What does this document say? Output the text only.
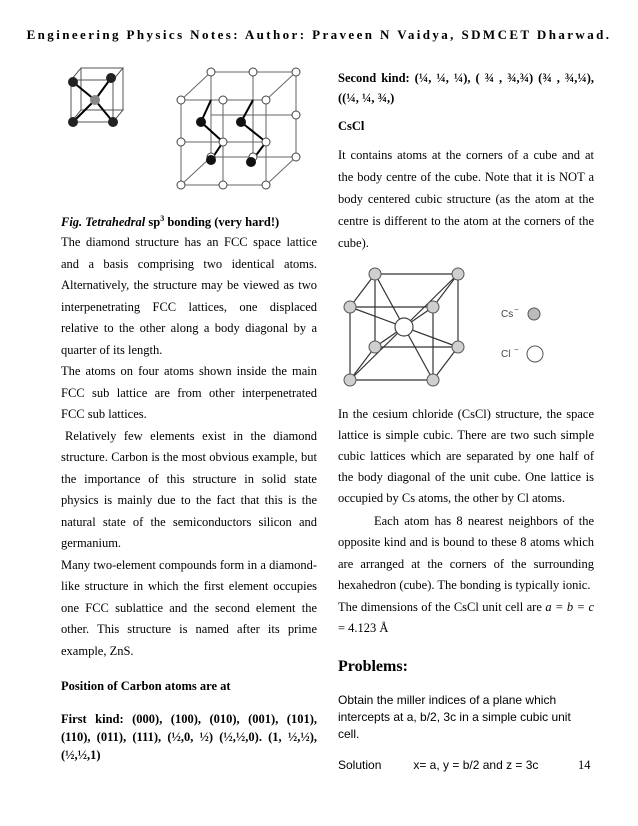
Engineering Physics Notes: Author: Praveen N Vaidya, SDMCET Dharwad.
Fig. Tetrahedral $sp^3$ bonding (very hard!)

The diamond structure has an FCC space lattice and a basis comprising two identical atoms. Alternatively, the structure may be viewed as two interpenetrating FCC lattices, one displaced relative to the other along a body diagonal by a quarter of its length.

The atoms on four atoms shown inside the main FCC sub lattice are from other interpenetrated FCC sub lattices.

Relatively few elements exist in the diamond structure. Carbon is the most obvious example, but the importance of this structure in solid state physics is mainly due to the fact that this is the natural state of the semiconductors silicon and germanium.

Many two-element compounds form in a diamond-like structure in which the first element occupies one FCC sublattice and the second element the other. This structure is named after its prime example, ZnS.

Position of Carbon atoms are at

First kind: (000), (100), (010), (001), (101), (110), (011), (111), (½,0, ½) (½,½,0). (1, ½,½), (½,½,1)

Second kind: (¼, ¼, ¼), ( ¾ , ¾,¾) (¾ , ¾,¼), ((¼, ¼, ¾,)

CsCl

It contains atoms at the corners of a cube and at the body centre of the cube. Note that it is NOT a body centered cubic structure (as the atom at the centre is different to the atom at the corners of the cube).

Cs −
Cl −

In the cesium chloride (CsCl) structure, the space lattice is simple cubic. There are two such simple cubic lattices which are separated by one half of the body diagonal of the unit cube. One lattice is occupied by Cs atoms, the other by Cl atoms.

Each atom has 8 nearest neighbors of the opposite kind and is bound to these 8 atoms which are arranged at the corners of the surrounding hexahedron (cube). The bonding is typically ionic.

The dimensions of the CsCl unit cell are a = b = c = 4.123 Å

Problems:

Obtain the miller indices of a plane which intercepts at a, b/2, 3c in a simple cubic unit cell.

Solution	x= a, y = b/2 and z = 3c	14
